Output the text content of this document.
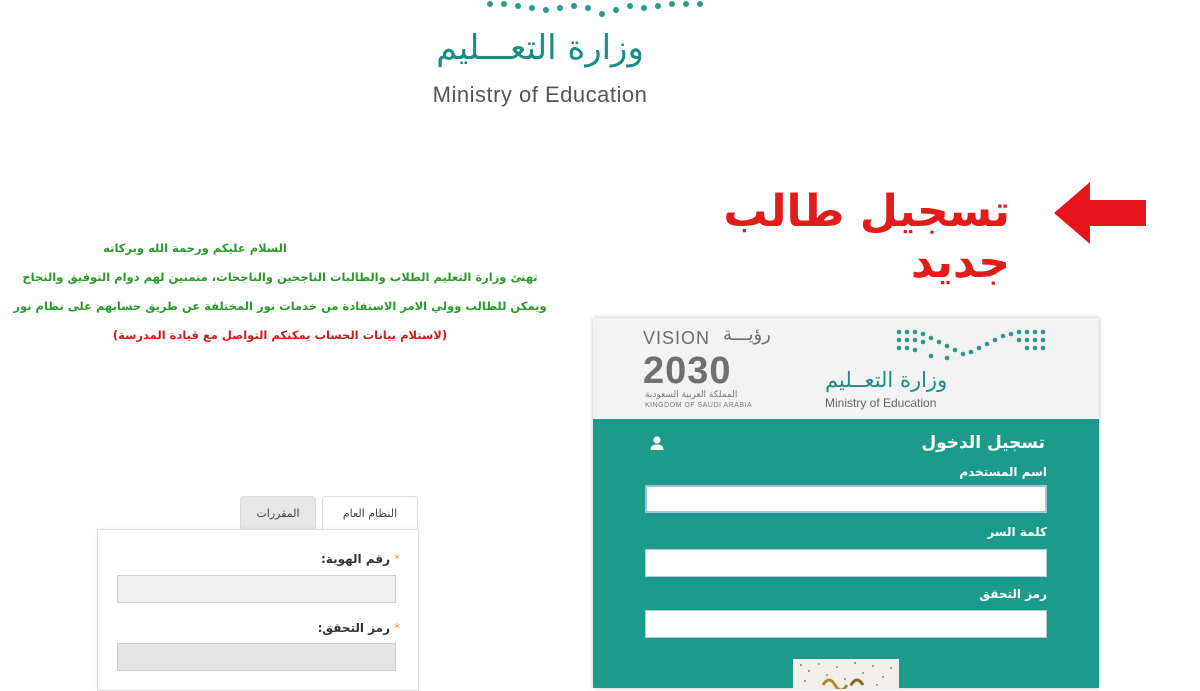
وزارة التعـــليم
Ministry of Education
تسجيل طالب جديد
السلام عليكم ورحمة الله وبركاته
تهنئ وزارة التعليم الطلاب والطالبات الناجحين والناجحات، متمنين لهم دوام التوفيق والنجاح
ويمكن للطالب وولي الامر الاستفادة من خدمات نور المختلفة عن طريق حسابهم على نظام نور
(لاستلام بيانات الحساب يمكنكم التواصل مع قيادة المدرسة)
المقررات	النظام العام
*رقم الهوية:
*رمز التحقق:
VISION رؤيـــة
2030
المملكة العربية السعودية
KINGDOM OF SAUDI ARABIA
وزارة التعــليم
Ministry of Education
تسجيل الدخول
اسم المستخدم
كلمة السر
رمز التحقق
